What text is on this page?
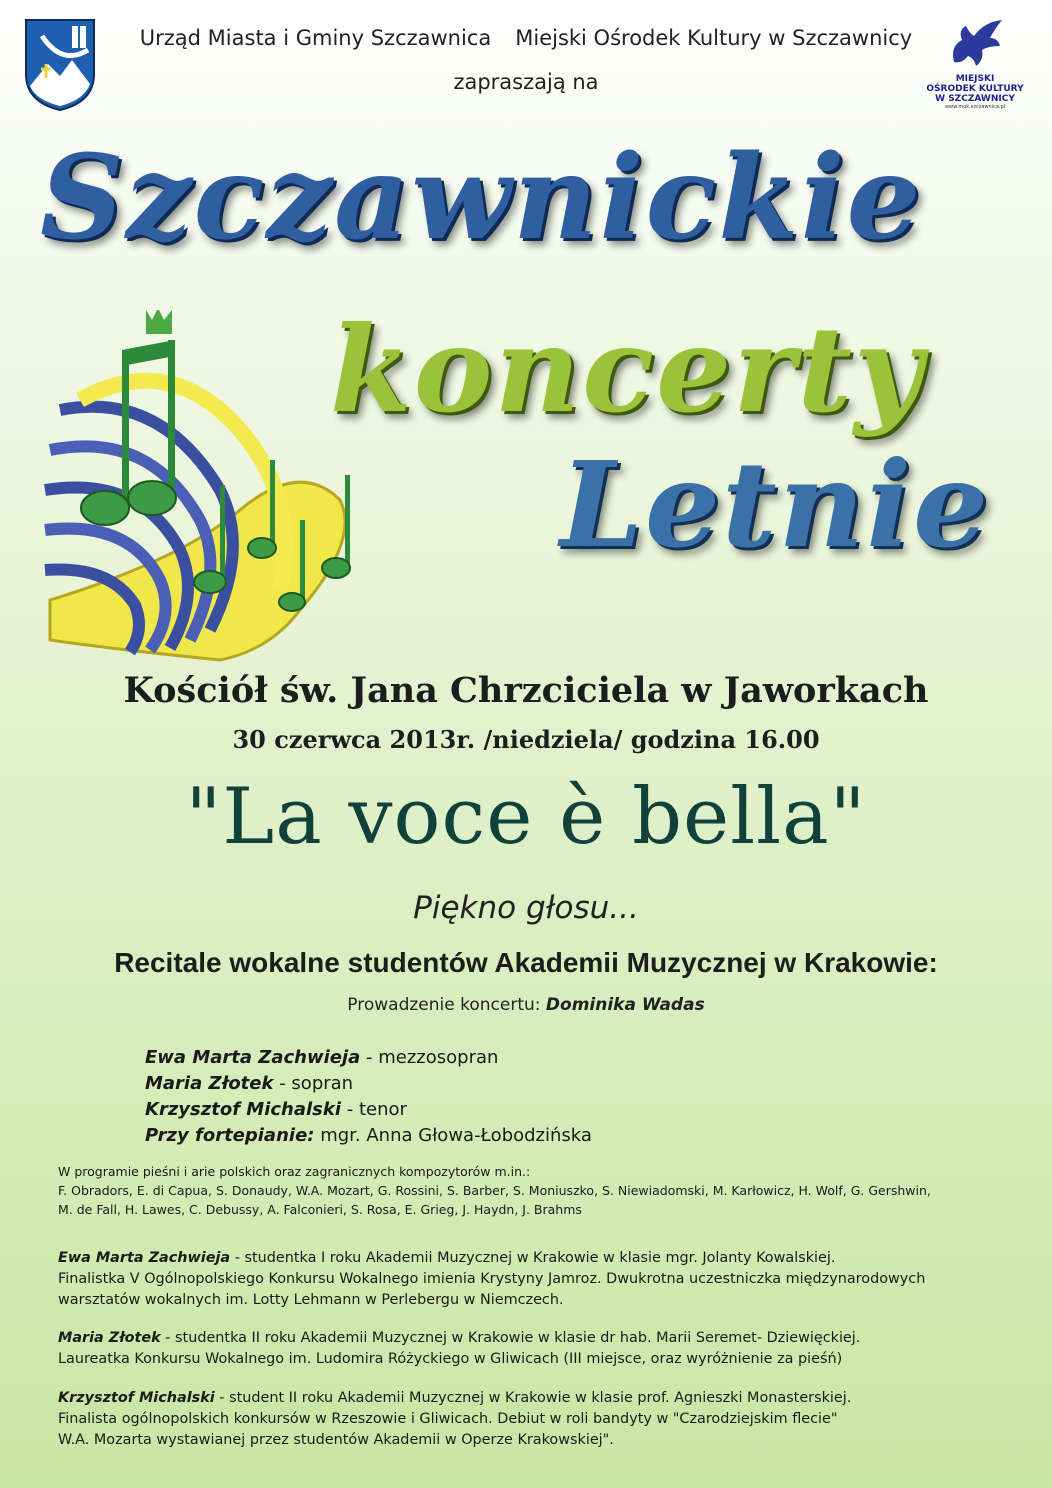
Urząd Miasta i Gminy Szczawnica Miejski Ośrodek Kultury w Szczawnicy
zapraszają na	MIEJSKI
OŚRODEK KULTURY
W SZCZAWNICY
www.mok.szczawnica.pl
Szczawnickie
koncerty
Letnie
Kościół św. Jana Chrzciciela w Jaworkach
30 czerwca 2013r. /niedziela/ godzina 16.00
"La voce è bella"
Piękno głosu...
Recitale wokalne studentów Akademii Muzycznej w Krakowie:
Prowadzenie koncertu: Dominika Wadas
Ewa Marta Zachwieja - mezzosopran
Maria Złotek - sopran
Krzysztof Michalski - tenor
Przy fortepianie: mgr. Anna Głowa-Łobodzińska
W programie pieśni i arie polskich oraz zagranicznych kompozytorów m.in.:
F. Obradors, E. di Capua, S. Donaudy, W.A. Mozart, G. Rossini, S. Barber, S. Moniuszko, S. Niewiadomski, M. Karłowicz, H. Wolf, G. Gershwin,
M. de Fall, H. Lawes, C. Debussy, A. Falconieri, S. Rosa, E. Grieg, J. Haydn, J. Brahms
Ewa Marta Zachwieja - studentka I roku Akademii Muzycznej w Krakowie w klasie mgr. Jolanty Kowalskiej.
Finalistka V Ogólnopolskiego Konkursu Wokalnego imienia Krystyny Jamroz. Dwukrotna uczestniczka międzynarodowych
warsztatów wokalnych im. Lotty Lehmann w Perlebergu w Niemczech.
Maria Złotek - studentka II roku Akademii Muzycznej w Krakowie w klasie dr hab. Marii Seremet- Dziewięckiej.
Laureatka Konkursu Wokalnego im. Ludomira Różyckiego w Gliwicach (III miejsce, oraz wyróżnienie za pieśń)
Krzysztof Michalski - student II roku Akademii Muzycznej w Krakowie w klasie prof. Agnieszki Monasterskiej.
Finalista ogólnopolskich konkursów w Rzeszowie i Gliwicach. Debiut w roli bandyty w "Czarodziejskim flecie"
W.A. Mozarta wystawianej przez studentów Akademii w Operze Krakowskiej".
